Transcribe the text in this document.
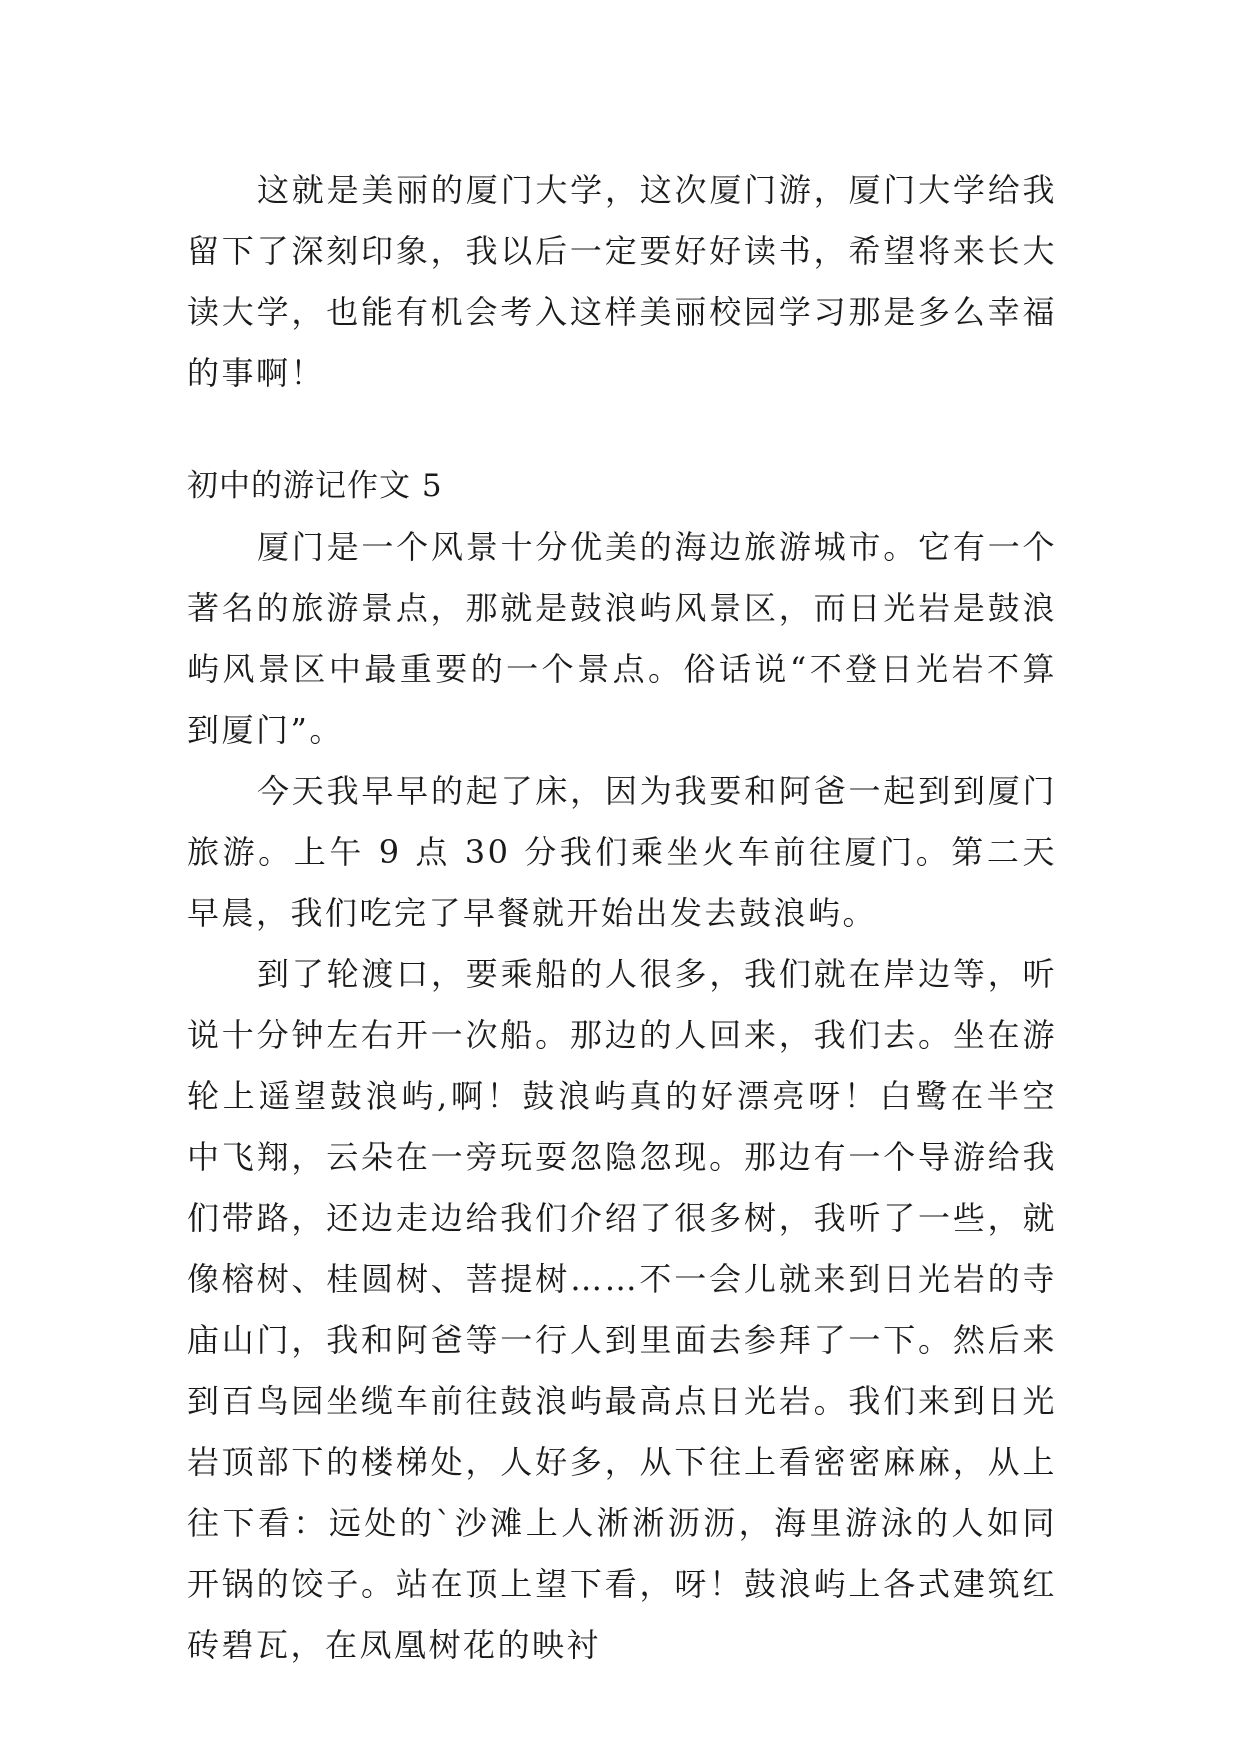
这就是美丽的厦门大学，这次厦门游，厦门大学给我留下了深刻印象，我以后一定要好好读书，希望将来长大读大学，也能有机会考入这样美丽校园学习那是多么幸福的事啊！

初中的游记作文 5

厦门是一个风景十分优美的海边旅游城市。它有一个著名的旅游景点，那就是鼓浪屿风景区，而日光岩是鼓浪屿风景区中最重要的一个景点。俗话说“不登日光岩不算到厦门”。

今天我早早的起了床，因为我要和阿爸一起到到厦门旅游。上午 9 点 30 分我们乘坐火车前往厦门。第二天早晨，我们吃完了早餐就开始出发去鼓浪屿。

到了轮渡口，要乘船的人很多，我们就在岸边等，听说十分钟左右开一次船。那边的人回来，我们去。坐在游轮上遥望鼓浪屿,啊！鼓浪屿真的好漂亮呀！白鹭在半空中飞翔，云朵在一旁玩耍忽隐忽现。那边有一个导游给我们带路，还边走边给我们介绍了很多树，我听了一些，就像榕树、桂圆树、菩提树……不一会儿就来到日光岩的寺庙山门，我和阿爸等一行人到里面去参拜了一下。然后来到百鸟园坐缆车前往鼓浪屿最高点日光岩。我们来到日光岩顶部下的楼梯处，人好多，从下往上看密密麻麻，从上往下看：远处的`沙滩上人淅淅沥沥，海里游泳的人如同开锅的饺子。站在顶上望下看，呀！鼓浪屿上各式建筑红砖碧瓦，在凤凰树花的映衬
